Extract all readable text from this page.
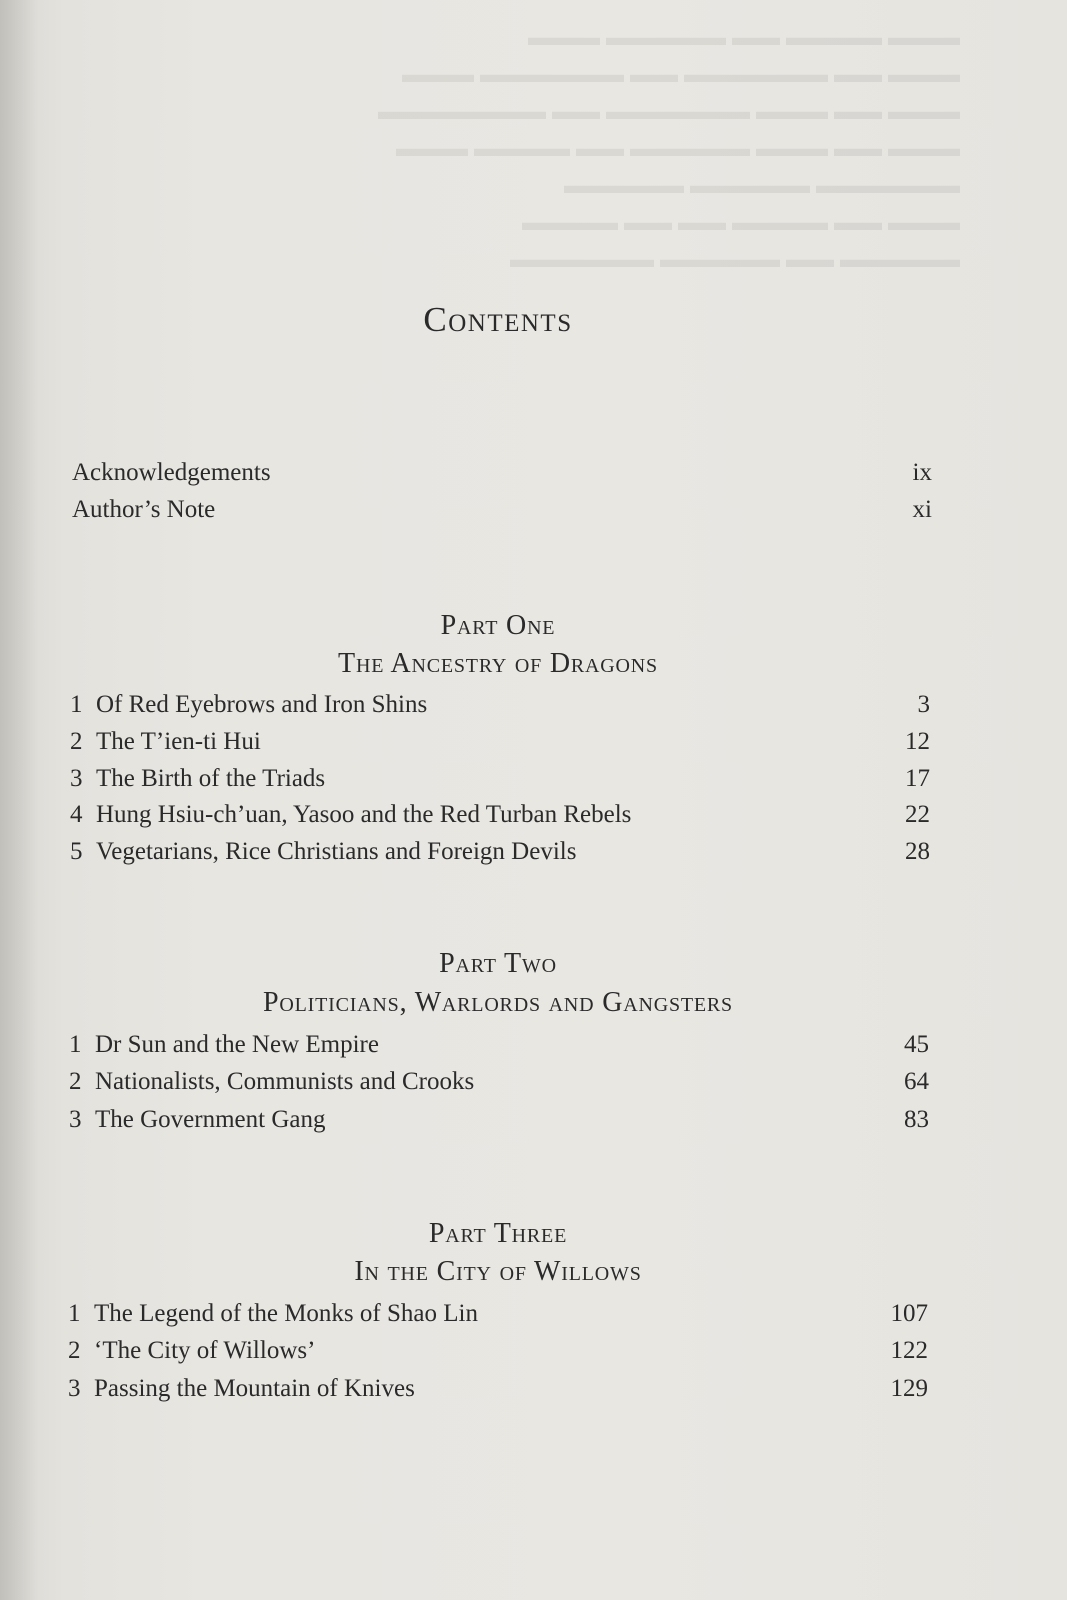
▬▬▬ ▬▬▬▬ ▬▬ ▬▬▬▬▬ ▬▬▬
▬▬▬ ▬▬ ▬▬▬▬▬▬ ▬▬ ▬▬▬▬▬▬ ▬▬▬
▬▬▬ ▬▬ ▬▬▬ ▬▬▬▬▬▬ ▬▬ ▬▬▬▬▬▬▬
▬▬▬ ▬▬ ▬▬▬ ▬▬▬▬▬ ▬▬ ▬▬▬▬ ▬▬▬
▬▬▬▬▬▬ ▬▬▬▬▬ ▬▬▬▬▬
▬▬▬ ▬▬ ▬▬▬▬ ▬▬ ▬▬ ▬▬▬▬
▬▬▬▬▬ ▬▬ ▬▬▬▬▬ ▬▬▬▬▬▬
Contents
Acknowledgements	ix
Author’s Note	xi
Part One
The Ancestry of Dragons
1 Of Red Eyebrows and Iron Shins	3
2 The T’ien-ti Hui	12
3 The Birth of the Triads	17
4 Hung Hsiu-ch’uan, Yasoo and the Red Turban Rebels	22
5 Vegetarians, Rice Christians and Foreign Devils	28
Part Two
Politicians, Warlords and Gangsters
1 Dr Sun and the New Empire	45
2 Nationalists, Communists and Crooks	64
3 The Government Gang	83
Part Three
In the City of Willows
1 The Legend of the Monks of Shao Lin	107
2 ‘The City of Willows’	122
3 Passing the Mountain of Knives	129
